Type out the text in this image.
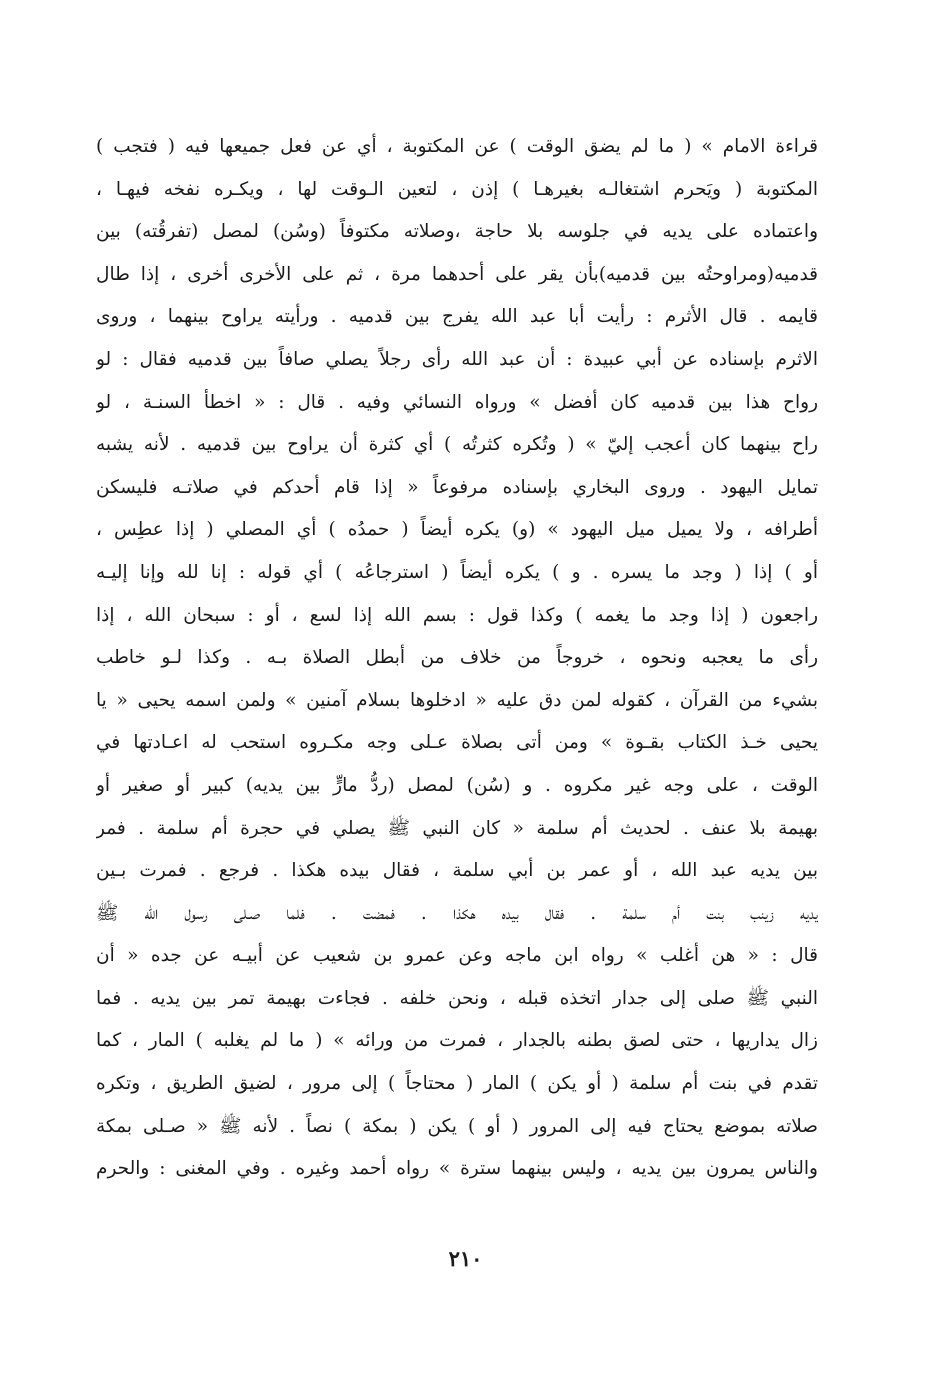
قراءة الامام » ( ما لم يضق الوقت ) عن المكتوبة ، أي عن فعل جميعها فيه ( فتجب )
المكتوبة ( ويَحرم اشتغالـه بغيرهـا ) إذن ، لتعين الـوقت لها ، ويكـره نفخه فيهـا ،
واعتماده على يديه في جلوسه بلا حاجة ،وصلاته مكتوفاً (وسُن) لمصل (تفرقُته) بين
قدميه(ومراوحتُه بين قدميه)بأن يقر على أحدهما مرة ، ثم على الأخرى أخرى ، إذا طال
قايمه . قال الأثرم : رأيت أبا عبد الله يفرج بين قدميه . ورأيته يراوح بينهما ، وروى
الاثرم بإسناده عن أبي عبيدة : أن عبد الله رأى رجلاً يصلي صافاً بين قدميه فقال : لو
رواح هذا بين قدميه كان أفضل » ورواه النسائي وفيه . قال : « اخطأ السنـة ، لو
راح بينهما كان أعجب إليّ » ( وتُكره كثرتُه ) أي كثرة أن يراوح بين قدميه . لأنه يشبه
تمايل اليهود . وروى البخاري بإسناده مرفوعاً « إذا قام أحدكم في صلاتـه فليسكن
أطرافه ، ولا يميل ميل اليهود » (و) يكره أيضاً ( حمدُه ) أي المصلي ( إذا عطِس ،
أو ) إذا ( وجد ما يسره . و ) يكره أيضاً ( استرجاعُه ) أي قوله : إنا لله وإنا إليـه
راجعون ( إذا وجد ما يغمه ) وكذا قول : بسم الله إذا لسع ، أو : سبحان الله ، إذا
رأى ما يعجبه ونحوه ، خروجاً من خلاف من أبطل الصلاة بـه . وكذا لـو خاطب
بشيء من القرآن ، كقوله لمن دق عليه « ادخلوها بسلام آمنين » ولمن اسمه يحيى « يا
يحيى خـذ الكتاب بقـوة » ومن أتى بصلاة عـلى وجه مكـروه استحب له اعـادتها في
الوقت ، على وجه غير مكروه . و (سُن) لمصل (ردُّ مارٍّ بين يديه) كبير أو صغير أو
بهيمة بلا عنف . لحديث أم سلمة « كان النبي ﷺ يصلي في حجرة أم سلمة . فمر
بين يديه عبد الله ، أو عمر بن أبي سلمة ، فقال بيده هكذا . فرجع . فمرت بـين
يديه زينب بنت أم سلمة . فقال بيده هكذا . فمضت . فلما صـلى رسول الله ﷺ
قال : « هن أغلب » رواه ابن ماجه وعن عمرو بن شعيب عن أبيـه عن جده « أن
النبي ﷺ صلى إلى جدار اتخذه قبله ، ونحن خلفه . فجاءت بهيمة تمر بين يديه . فما
زال يداريها ، حتى لصق بطنه بالجدار ، فمرت من ورائه » ( ما لم يغلبه ) المار ، كما
تقدم في بنت أم سلمة ( أو يكن ) المار ( محتاجاً ) إلى مرور ، لضيق الطريق ، وتكره
صلاته بموضع يحتاج فيه إلى المرور ( أو ) يكن ( بمكة ) نصاً . لأنه ﷺ « صـلى بمكة
والناس يمرون بين يديه ، وليس بينهما سترة » رواه أحمد وغيره . وفي المغنى : والحرم
٢١٠
